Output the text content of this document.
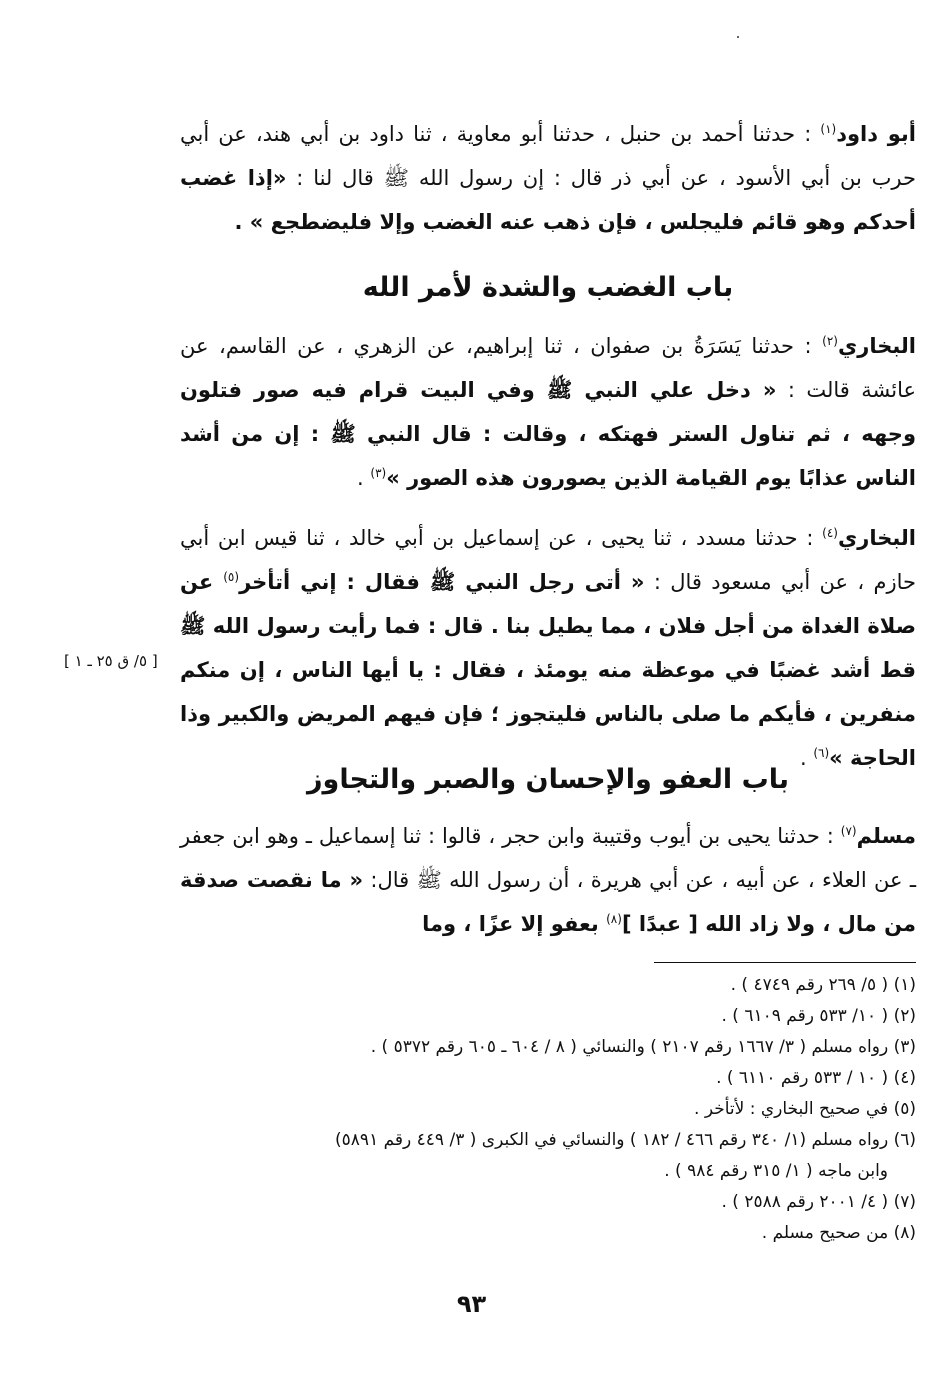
أبو داود$^{(١)}$ : حدثنا أحمد بن حنبل ، حدثنا أبو معاوية ، ثنا داود بن أبي هند، عن أبي حرب بن أبي الأسود ، عن أبي ذر قال : إن رسول الله ﷺ قال لنا : «إذا غضب أحدكم وهو قائم فليجلس ، فإن ذهب عنه الغضب وإلا فليضطجع » .

باب الغضب والشدة لأمر الله

البخاري$^{(٢)}$ : حدثنا يَسَرَةُ بن صفوان ، ثنا إبراهيم، عن الزهري ، عن القاسم، عن عائشة قالت : « دخل علي النبي ﷺ وفي البيت قرام فيه صور فتلون وجهه ، ثم تناول الستر فهتكه ، وقالت : قال النبي ﷺ : إن من أشد الناس عذابًا يوم القيامة الذين يصورون هذه الصور »$^{(٣)}$ .

البخاري$^{(٤)}$ : حدثنا مسدد ، ثنا يحيى ، عن إسماعيل بن أبي خالد ، ثنا قيس ابن أبي حازم ، عن أبي مسعود قال : « أتى رجل النبي ﷺ فقال : إني أتأخر$^{(٥)}$ عن صلاة الغداة من أجل فلان ، مما يطيل بنا . قال : فما رأيت رسول الله ﷺ قط أشد غضبًا في موعظة منه يومئذ ، فقال : يا أيها الناس ، إن منكم منفرين ، فأيكم ما صلى بالناس فليتجوز ؛ فإن فيهم المريض والكبير وذا الحاجة »$^{(٦)}$ .

[ ٥/ ق ٢٥ ـ ١ ]
باب العفو والإحسان والصبر والتجاوز

مسلم$^{(٧)}$ : حدثنا يحيى بن أيوب وقتيبة وابن حجر ، قالوا : ثنا إسماعيل ـ وهو ابن جعفر ـ عن العلاء ، عن أبيه ، عن أبي هريرة ، أن رسول الله ﷺ قال: « ما نقصت صدقة من مال ، ولا زاد الله [ عبدًا ]$^{(٨)}$ بعفو إلا عزًا ، وما

(١) ( ٥/ ٢٦٩ رقم ٤٧٤٩ ) .
(٢) ( ١٠/ ٥٣٣ رقم ٦١٠٩ ) .
(٣) رواه مسلم ( ٣/ ١٦٦٧ رقم ٢١٠٧ ) والنسائي ( ٨ / ٦٠٤ ـ ٦٠٥ رقم ٥٣٧٢ ) .
(٤) ( ١٠ / ٥٣٣ رقم ٦١١٠ ) .
(٥) في صحيح البخاري : لأتأخر .
(٦) رواه مسلم (١/ ٣٤٠ رقم ٤٦٦ / ١٨٢ ) والنسائي في الكبرى ( ٣/ ٤٤٩ رقم ٥٨٩١)
وابن ماجه ( ١/ ٣١٥ رقم ٩٨٤ ) .
(٧) ( ٤/ ٢٠٠١ رقم ٢٥٨٨ ) .
(٨) من صحيح مسلم .
٩٣
